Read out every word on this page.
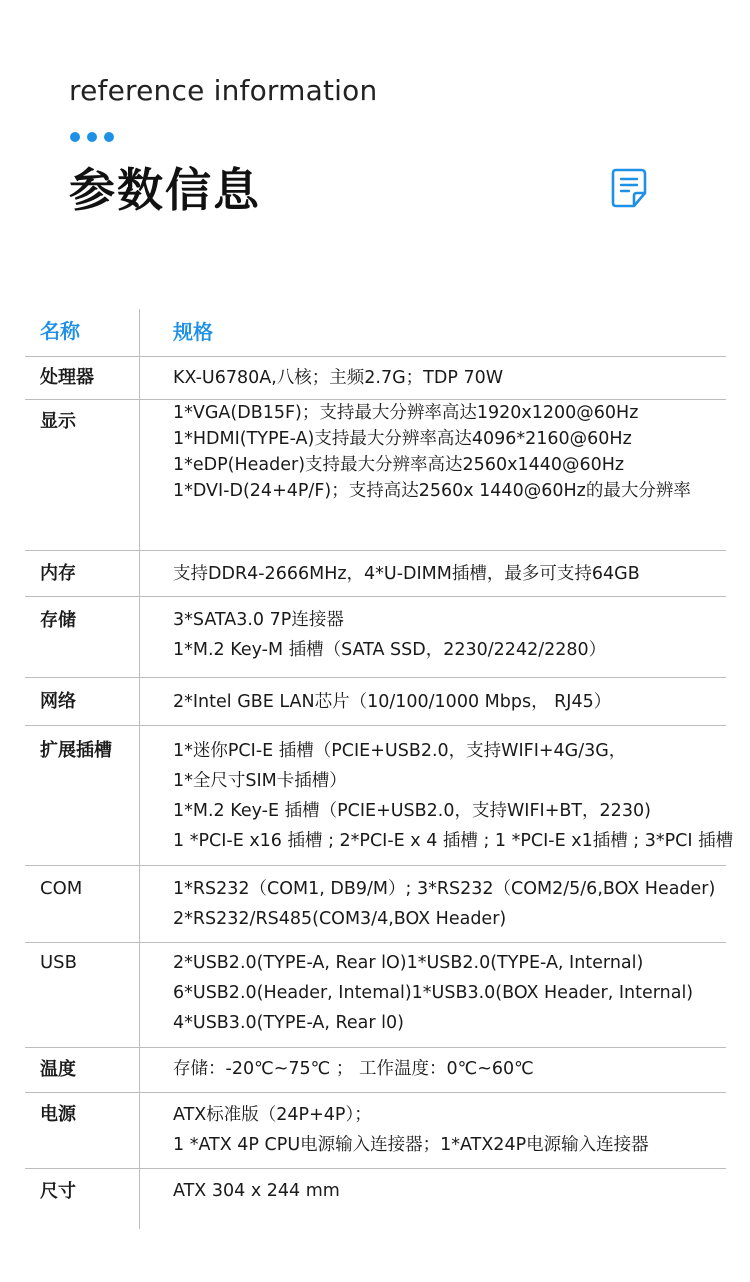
reference information
参数信息
名称	规格
处理器	KX-U6780A,八核；主频2.7G；TDP 70W
显示	1*VGA(DB15F)；支持最大分辨率高达1920x1200@60Hz
1*HDMI(TYPE-A)支持最大分辨率高达4096*2160@60Hz
1*eDP(Header)支持最大分辨率高达2560x1440@60Hz
1*DVI-D(24+4P/F)；支持高达2560x 1440@60Hz的最大分辨率
内存	支持DDR4-2666MHz，4*U-DIMM插槽，最多可支持64GB
存储	3*SATA3.0 7P连接器
1*M.2 Key-M 插槽（SATA SSD，2230/2242/2280）
网络	2*Intel GBE LAN芯片（10/100/1000 Mbps， RJ45）
扩展插槽	1*迷你PCI-E 插槽（PCIE+USB2.0，支持WIFI+4G/3G，
1*全尺寸SIM卡插槽）
1*M.2 Key-E 插槽（PCIE+USB2.0，支持WIFI+BT，2230)
1 *PCI-E x16 插槽 ; 2*PCI-E x 4 插槽 ; 1 *PCI-E x1插槽 ; 3*PCI 插槽
COM	1*RS232（COM1, DB9/M）; 3*RS232（COM2/5/6,BOX Header)
2*RS232/RS485(COM3/4,BOX Header)
USB	2*USB2.0(TYPE-A, Rear lO)1*USB2.0(TYPE-A, Internal)
6*USB2.0(Header, Intemal)1*USB3.0(BOX Header, Internal)
4*USB3.0(TYPE-A, Rear l0)
温度	存储：-20℃~75℃ ； 工作温度：0℃~60℃
电源	ATX标准版（24P+4P）；
1 *ATX 4P CPU电源输入连接器；1*ATX24P电源输入连接器
尺寸	ATX 304 x 244 mm
